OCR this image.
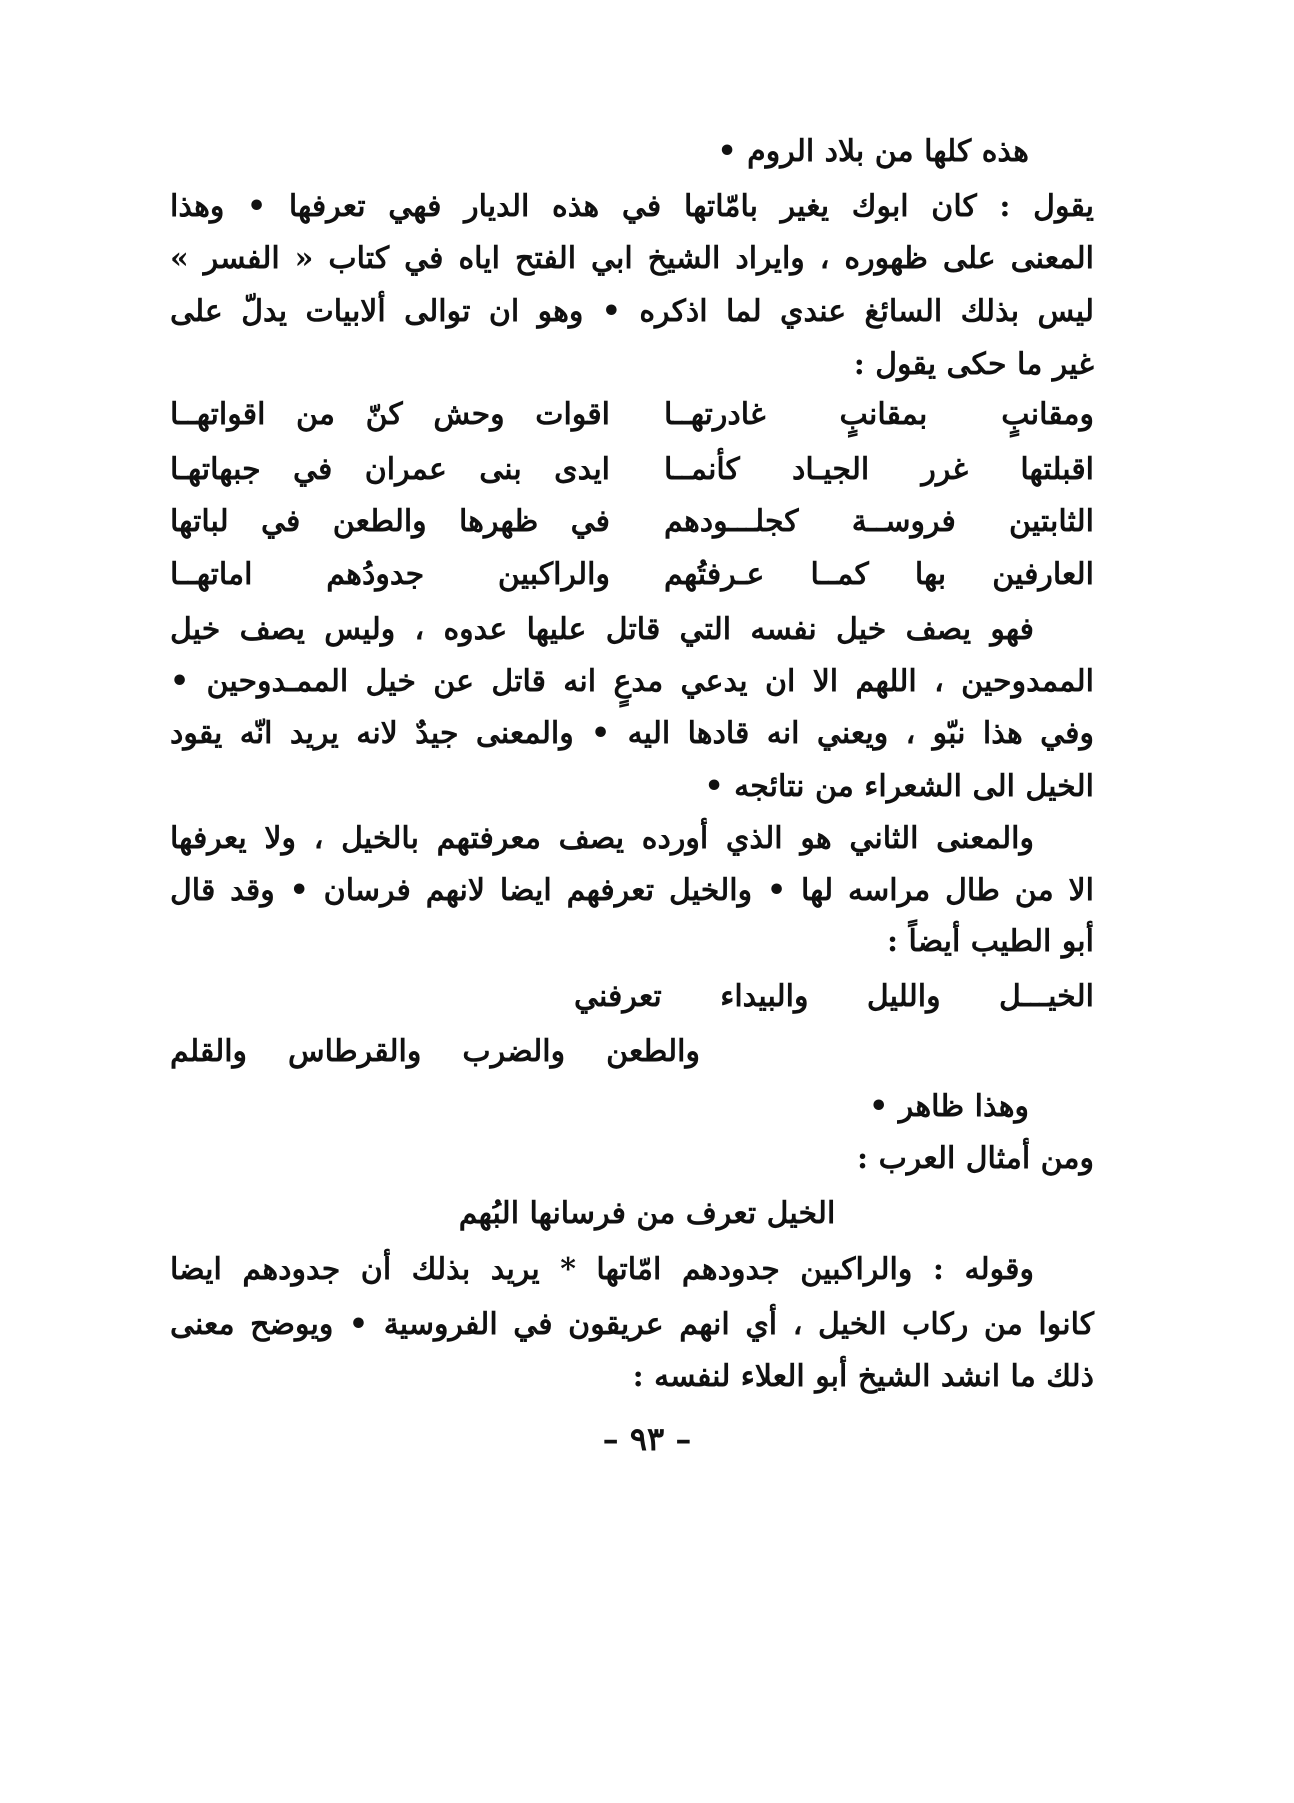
هذه كلها من بلاد الروم •
يقول : كان ابوك يغير بامّاتها في هذه الديار فهي تعرفها • وهذا
المعنى على ظهوره ، وايراد الشيخ ابي الفتح اياه في كتاب « الفسر »
ليس بذلك السائغ عندي لما اذكره • وهو ان توالى ألابيات يدلّ على
غير ما حكى يقول :
ومقانبٍ بمقانبٍ غادرتهــا
اقوات وحش كنّ من اقواتهــا
اقبلتها غرر الجيـاد كأنمــا
ايدى بنى عمران في جبهاتهـا
الثابتين فروســة كجلـــودهم
في ظهرها والطعن في لباتها
العارفين بها كمــا عـرفتُهم
والراكبين جدودُهم اماتهــا
فهو يصف خيل نفسه التي قاتل عليها عدوه ، وليس يصف خيل
الممدوحين ، اللهم الا ان يدعي مدعٍ انه قاتل عن خيل الممـدوحين •
وفي هذا نبّو ، ويعني انه قادها اليه • والمعنى جيدٌ لانه يريد انّه يقود
الخيل الى الشعراء من نتائجه •
والمعنى الثاني هو الذي أورده يصف معرفتهم بالخيل ، ولا يعرفها
الا من طال مراسه لها • والخيل تعرفهم ايضا لانهم فرسان • وقد قال
أبو الطيب أيضاً :
الخيـــل والليل والبيداء تعرفني
والطعن والضرب والقرطاس والقلم
وهذا ظاهر •
ومن أمثال العرب :
الخيل تعرف من فرسانها البُهم
وقوله : والراكبين جدودهم امّاتها * يريد بذلك أن جدودهم ايضا
كانوا من ركاب الخيل ، أي انهم عريقون في الفروسية • ويوضح معنى
ذلك ما انشد الشيخ أبو العلاء لنفسه :
– ٩٣ –
